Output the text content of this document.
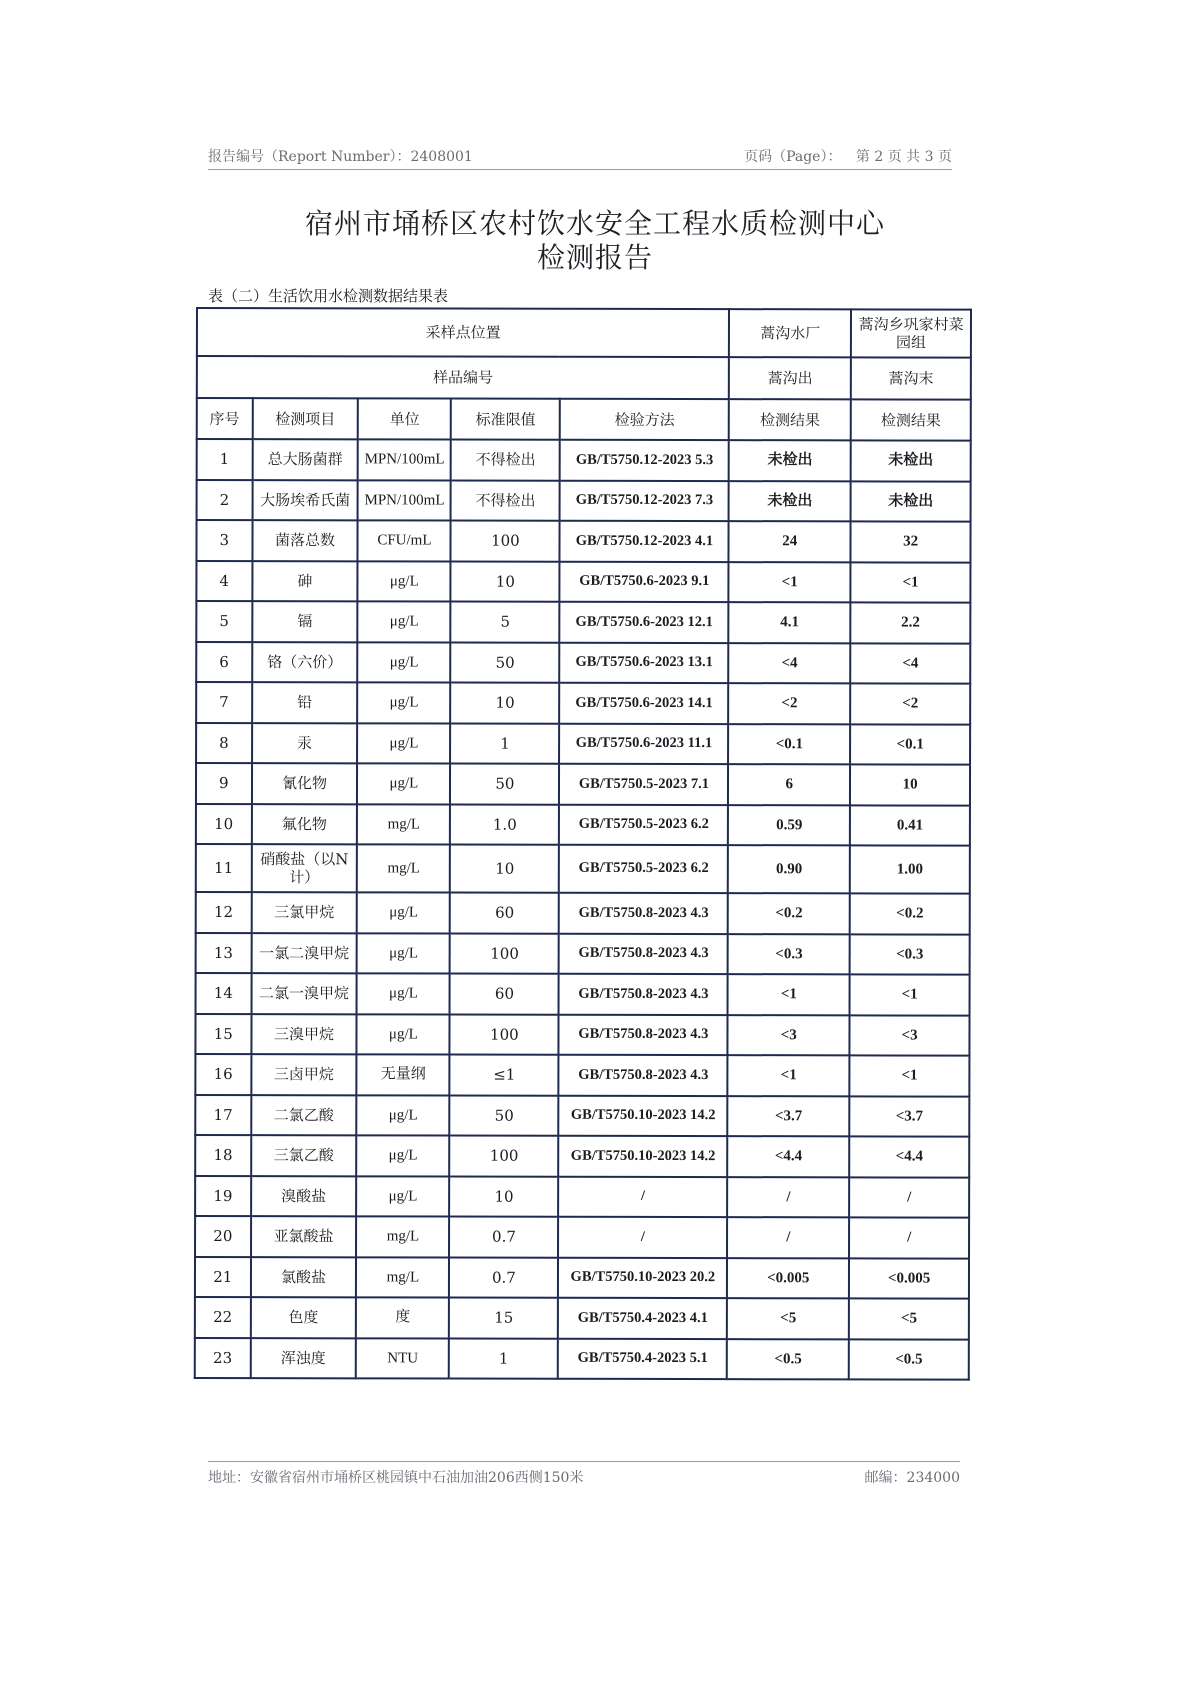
报告编号（Report Number）：2408001	页码（Page）： 第 2 页 共 3 页
宿州市埇桥区农村饮水安全工程水质检测中心
检测报告
表（二）生活饮用水检测数据结果表
采样点位置					蒿沟水厂	蒿沟乡巩家村菜园组
样品编号					蒿沟出	蒿沟末
序号	检测项目	单位	标准限值	检验方法	检测结果	检测结果
1	总大肠菌群	MPN/100mL	不得检出	GB/T5750.12-2023 5.3	未检出	未检出
2	大肠埃希氏菌	MPN/100mL	不得检出	GB/T5750.12-2023 7.3	未检出	未检出
3	菌落总数	CFU/mL	100	GB/T5750.12-2023 4.1	24	32
4	砷	μg/L	10	GB/T5750.6-2023 9.1	<1	<1
5	镉	μg/L	5	GB/T5750.6-2023 12.1	4.1	2.2
6	铬（六价）	μg/L	50	GB/T5750.6-2023 13.1	<4	<4
7	铅	μg/L	10	GB/T5750.6-2023 14.1	<2	<2
8	汞	μg/L	1	GB/T5750.6-2023 11.1	<0.1	<0.1
9	氰化物	μg/L	50	GB/T5750.5-2023 7.1	6	10
10	氟化物	mg/L	1.0	GB/T5750.5-2023 6.2	0.59	0.41
11	硝酸盐（以N计）	mg/L	10	GB/T5750.5-2023 6.2	0.90	1.00
12	三氯甲烷	μg/L	60	GB/T5750.8-2023 4.3	<0.2	<0.2
13	一氯二溴甲烷	μg/L	100	GB/T5750.8-2023 4.3	<0.3	<0.3
14	二氯一溴甲烷	μg/L	60	GB/T5750.8-2023 4.3	<1	<1
15	三溴甲烷	μg/L	100	GB/T5750.8-2023 4.3	<3	<3
16	三卤甲烷	无量纲	≤1	GB/T5750.8-2023 4.3	<1	<1
17	二氯乙酸	μg/L	50	GB/T5750.10-2023 14.2	<3.7	<3.7
18	三氯乙酸	μg/L	100	GB/T5750.10-2023 14.2	<4.4	<4.4
19	溴酸盐	μg/L	10	/	/	/
20	亚氯酸盐	mg/L	0.7	/	/	/
21	氯酸盐	mg/L	0.7	GB/T5750.10-2023 20.2	<0.005	<0.005
22	色度	度	15	GB/T5750.4-2023 4.1	<5	<5
23	浑浊度	NTU	1	GB/T5750.4-2023 5.1	<0.5	<0.5
地址：安徽省宿州市埇桥区桃园镇中石油加油206西侧150米	邮编：234000
